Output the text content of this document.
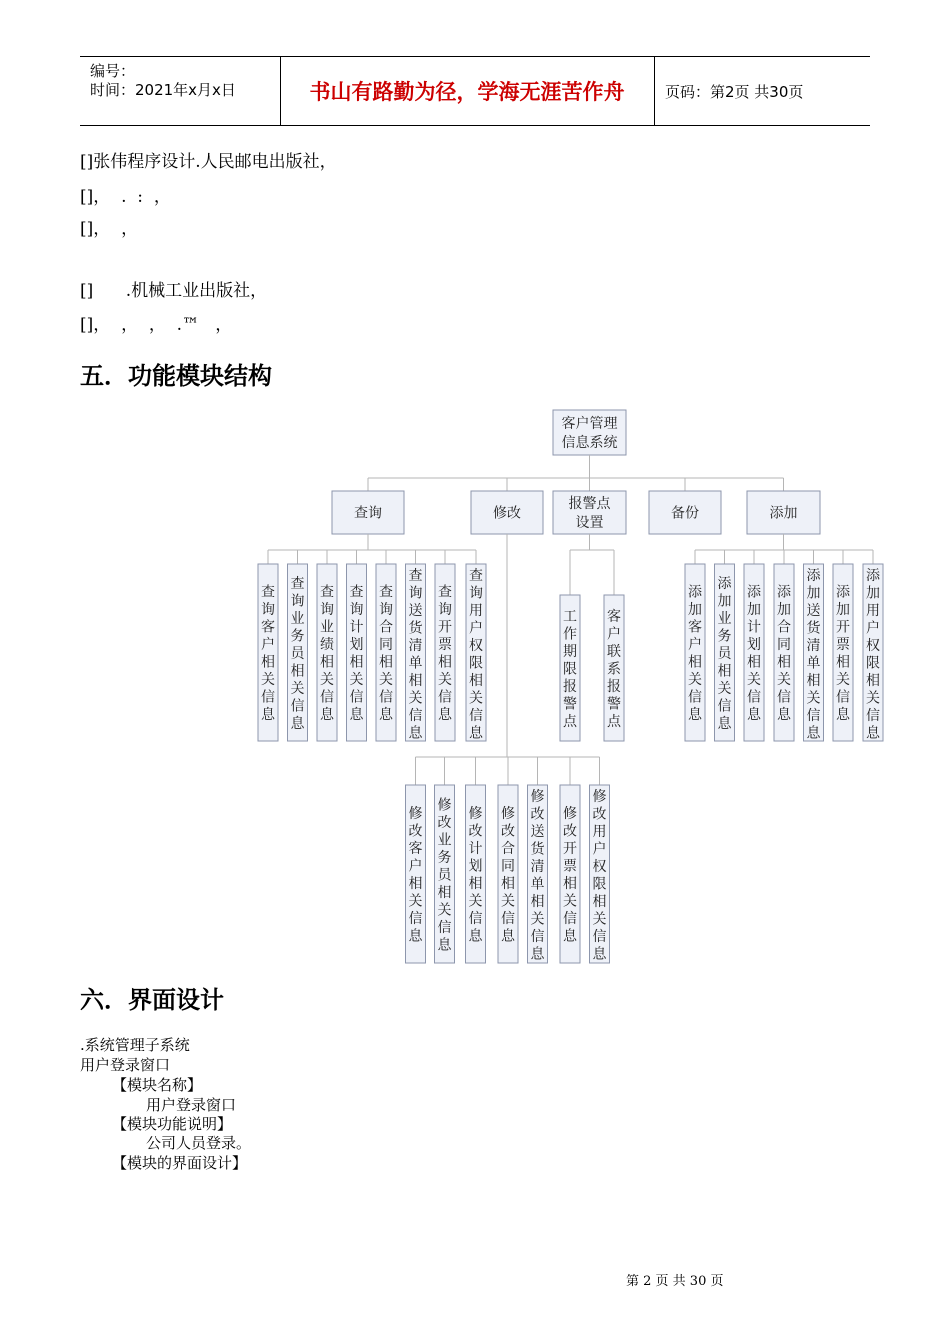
编号：
时间：2021年x月x日	书山有路勤为径，学海无涯苦作舟	页码：第2页 共30页
[]张伟程序设计.人民邮电出版社，
[]，  .  :  ，
[]，  ，
[]      .机械工业出版社，
[]，  ，  ，  .™   ，
五．功能模块结构
客户管理
信息系统
查询	修改
报警点
设置
备份	添加
查询客户相关信息
查询业务员相关信息
查询业绩相关信息
查询计划相关信息
查询合同相关信息
查询送货清单相关信息
查询开票相关信息
查询用户权限相关信息
工作期限报警点
客户联系报警点
添加客户相关信息
添加业务员相关信息
添加计划相关信息
添加合同相关信息
添加送货清单相关信息
添加开票相关信息
添加用户权限相关信息
修改客户相关信息
修改业务员相关信息
修改计划相关信息
修改合同相关信息
修改送货清单相关信息
修改开票相关信息
修改用户权限相关信息
六．界面设计
.系统管理子系统
用户登录窗口
【模块名称】
用户登录窗口
【模块功能说明】
公司人员登录。
【模块的界面设计】
第 2 页 共 30 页
